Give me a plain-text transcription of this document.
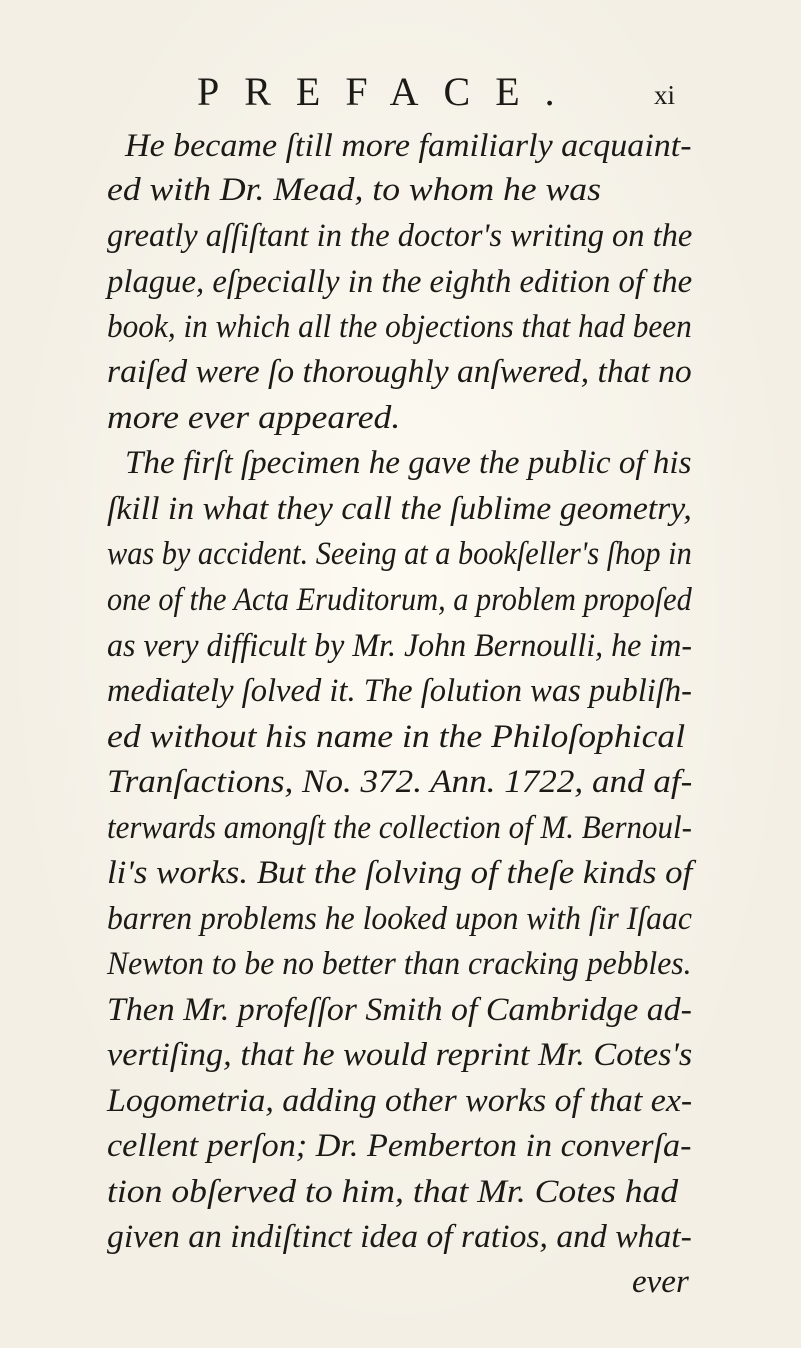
PREFACE.	xi
He became ſtill more familiarly acquaint-
ed with Dr. Mead, to whom he was
greatly aſſiſtant in the doctor's writing on the
plague, eſpecially in the eighth edition of the
book, in which all the objections that had been
raiſed were ſo thoroughly anſwered, that no
more ever appeared.
The firſt ſpecimen he gave the public of his
ſkill in what they call the ſublime geometry,
was by accident. Seeing at a bookſeller's ſhop in
one of the Acta Eruditorum, a problem propoſed
as very difficult by Mr. John Bernoulli, he im-
mediately ſolved it. The ſolution was publiſh-
ed without his name in the Philoſophical
Tranſactions, No. 372. Ann. 1722, and af-
terwards amongſt the collection of M. Bernoul-
li's works. But the ſolving of theſe kinds of
barren problems he looked upon with ſir Iſaac
Newton to be no better than cracking pebbles.
Then Mr. profeſſor Smith of Cambridge ad-
vertiſing, that he would reprint Mr. Cotes's
Logometria, adding other works of that ex-
cellent perſon; Dr. Pemberton in converſa-
tion obſerved to him, that Mr. Cotes had
given an indiſtinct idea of ratios, and what-
ever
